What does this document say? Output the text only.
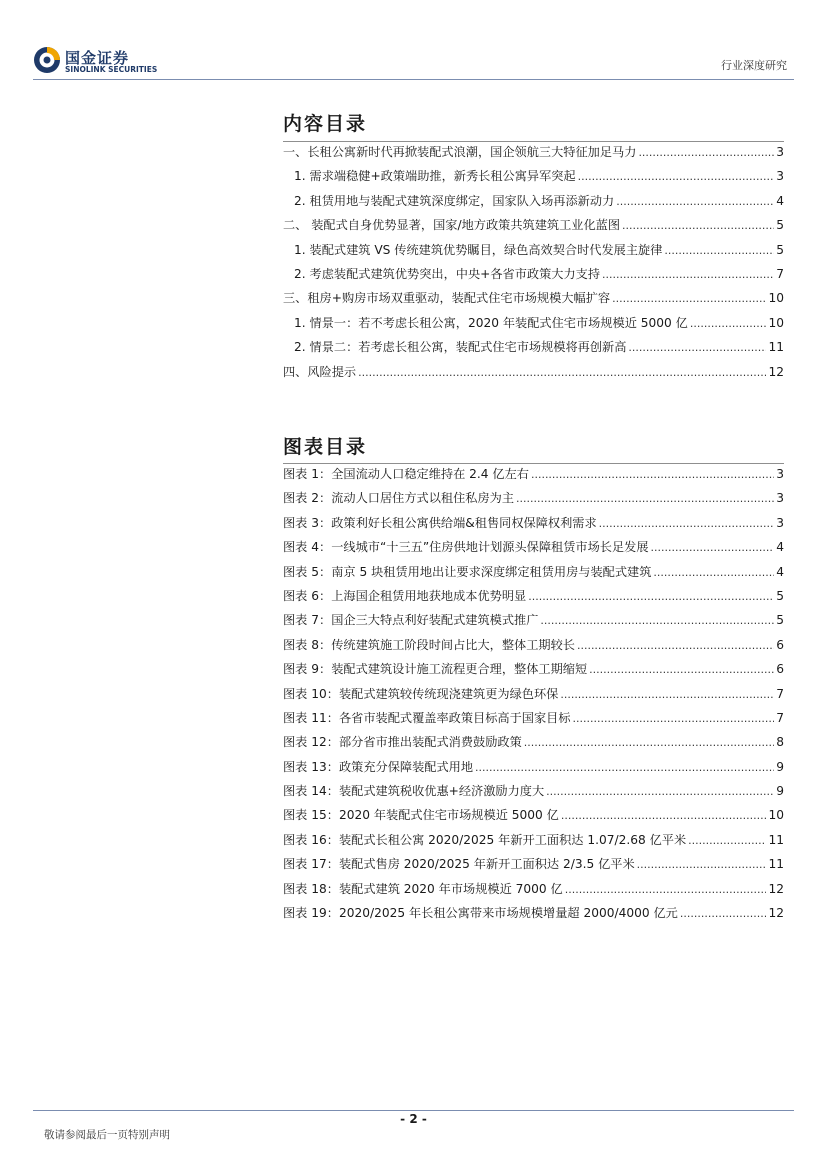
国金证券
SINOLINK SECURITIES	行业深度研究
内容目录
一、长租公寓新时代再掀装配式浪潮，国企领航三大特征加足马力 .....	3
1. 需求端稳健+政策端助推，新秀长租公寓异军突起 .....	3
2. 租赁用地与装配式建筑深度绑定，国家队入场再添新动力 .....	4
二、 装配式自身优势显著，国家/地方政策共筑建筑工业化蓝图 .....	5
1. 装配式建筑 VS 传统建筑优势瞩目，绿色高效契合时代发展主旋律 .....	5
2. 考虑装配式建筑优势突出，中央+各省市政策大力支持 .....	7
三、租房+购房市场双重驱动，装配式住宅市场规模大幅扩容 .....	10
1. 情景一：若不考虑长租公寓，2020 年装配式住宅市场规模近 5000 亿 .....	10
2. 情景二：若考虑长租公寓，装配式住宅市场规模将再创新高 .....	11
四、风险提示 .....	12
图表目录
图表 1：全国流动人口稳定维持在 2.4 亿左右 .....	3
图表 2：流动人口居住方式以租住私房为主 .....	3
图表 3：政策利好长租公寓供给端&租售同权保障权利需求 .....	3
图表 4：一线城市“十三五”住房供地计划源头保障租赁市场长足发展 .....	4
图表 5：南京 5 块租赁用地出让要求深度绑定租赁用房与装配式建筑 .....	4
图表 6：上海国企租赁用地获地成本优势明显 .....	5
图表 7：国企三大特点利好装配式建筑模式推广 .....	5
图表 8：传统建筑施工阶段时间占比大，整体工期较长 .....	6
图表 9：装配式建筑设计施工流程更合理，整体工期缩短 .....	6
图表 10：装配式建筑较传统现浇建筑更为绿色环保 .....	7
图表 11：各省市装配式覆盖率政策目标高于国家目标 .....	7
图表 12：部分省市推出装配式消费鼓励政策 .....	8
图表 13：政策充分保障装配式用地 .....	9
图表 14：装配式建筑税收优惠+经济激励力度大 .....	9
图表 15：2020 年装配式住宅市场规模近 5000 亿 .....	10
图表 16：装配式长租公寓 2020/2025 年新开工面积达 1.07/2.68 亿平米 .....	11
图表 17：装配式售房 2020/2025 年新开工面积达 2/3.5 亿平米 .....	11
图表 18：装配式建筑 2020 年市场规模近 7000 亿 .....	12
图表 19：2020/2025 年长租公寓带来市场规模增量超 2000/4000 亿元 .....	12
- 2 -
敬请参阅最后一页特别声明
